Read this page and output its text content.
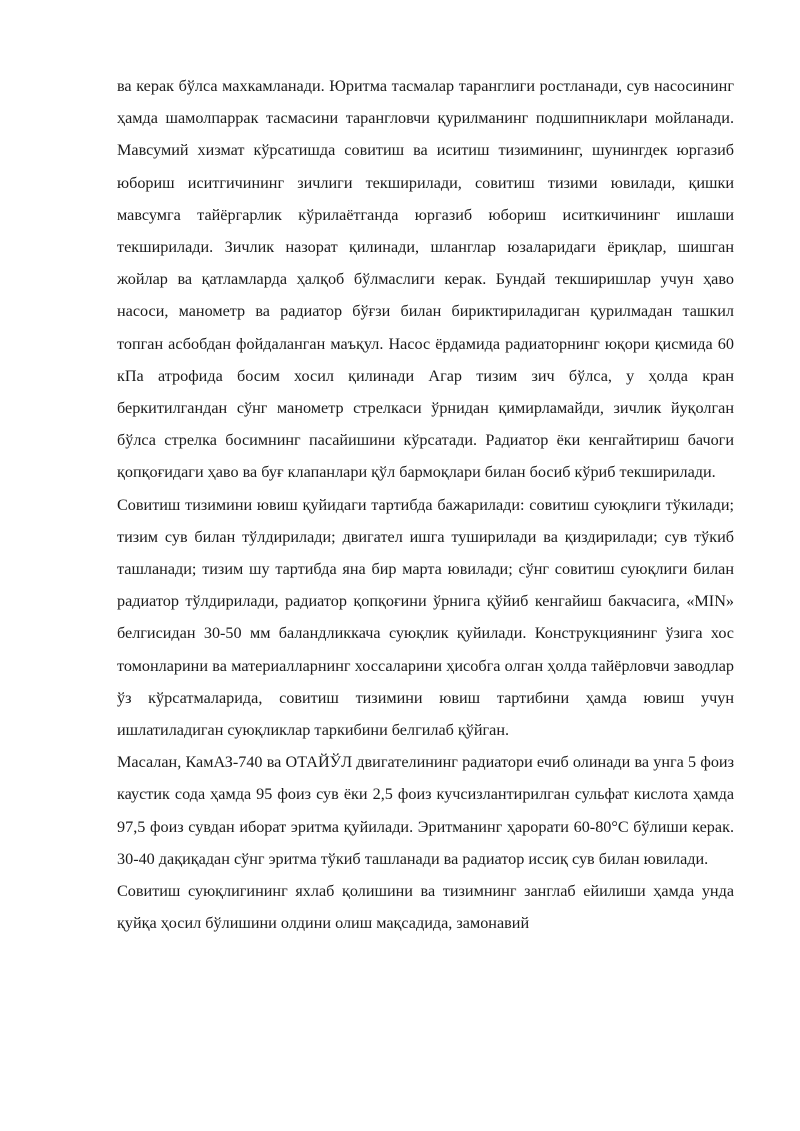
ва керак бўлса махкамланади. Юритма тасмалар таранглиги ростланади, сув насосининг ҳамда шамолпаррак тасмасини тарангловчи қурилманинг подшипниклари мойланади. Мавсумий хизмат кўрсатишда совитиш ва иситиш тизимининг, шунингдек юргазиб юбориш иситгичининг зичлиги текширилади, совитиш тизими ювилади, қишки мавсумга тайёргарлик кўрилаётганда юргазиб юбориш иситкичининг ишлаши текширилади. Зичлик назорат қилинади, шланглар юзаларидаги ёриқлар, шишган жойлар ва қатламларда ҳалқоб бўлмаслиги керак. Бундай текширишлар учун ҳаво насоси, манометр ва радиатор бўғзи билан бириктириладиган қурилмадан ташкил топган асбобдан фойдаланган маъқул. Насос ёрдамида радиаторнинг юқори қисмида 60 кПа атрофида босим хосил қилинади Агар тизим зич бўлса, у ҳолда кран беркитилгандан сўнг манометр стрелкаси ўрнидан қимирламайди, зичлик йуқолган бўлса стрелка босимнинг пасайишини кўрсатади. Радиатор ёки кенгайтириш бачоги қопқоғидаги ҳаво ва буғ клапанлари қўл бармоқлари билан босиб кўриб текширилади.

Совитиш тизимини ювиш қуйидаги тартибда бажарилади: совитиш суюқлиги тўкилади; тизим сув билан тўлдирилади; двигател ишга туширилади ва қиздирилади; сув тўкиб ташланади; тизим шу тартибда яна бир марта ювилади; сўнг совитиш суюқлиги билан радиатор тўлдирилади, радиатор қопқоғини ўрнига қўйиб кенгайиш бакчасига, «MIN» белгисидан 30-50 мм баландликкача суюқлик қуйилади. Конструкциянинг ўзига хос томонларини ва материалларнинг хоссаларини ҳисобга олган ҳолда тайёрловчи заводлар ўз кўрсатмаларида, совитиш тизимини ювиш тартибини ҳамда ювиш учун ишлатиладиган суюқликлар таркибини белгилаб қўйган.

Масалан, КамАЗ-740 ва ОТАЙЎЛ двигателининг радиатори ечиб олинади ва унга 5 фоиз каустик сода ҳамда 95 фоиз сув ёки 2,5 фоиз кучсизлантирилган сульфат кислота ҳамда 97,5 фоиз сувдан иборат эритма қуйилади. Эритманинг ҳарорати 60-80°С бўлиши керак. 30-40 дақиқадан сўнг эритма тўкиб ташланади ва радиатор иссиқ сув билан ювилади.

Совитиш суюқлигининг яхлаб қолишини ва тизимнинг занглаб ейилиши ҳамда унда қуйқа ҳосил бўлишини олдини олиш мақсадида, замонавий
